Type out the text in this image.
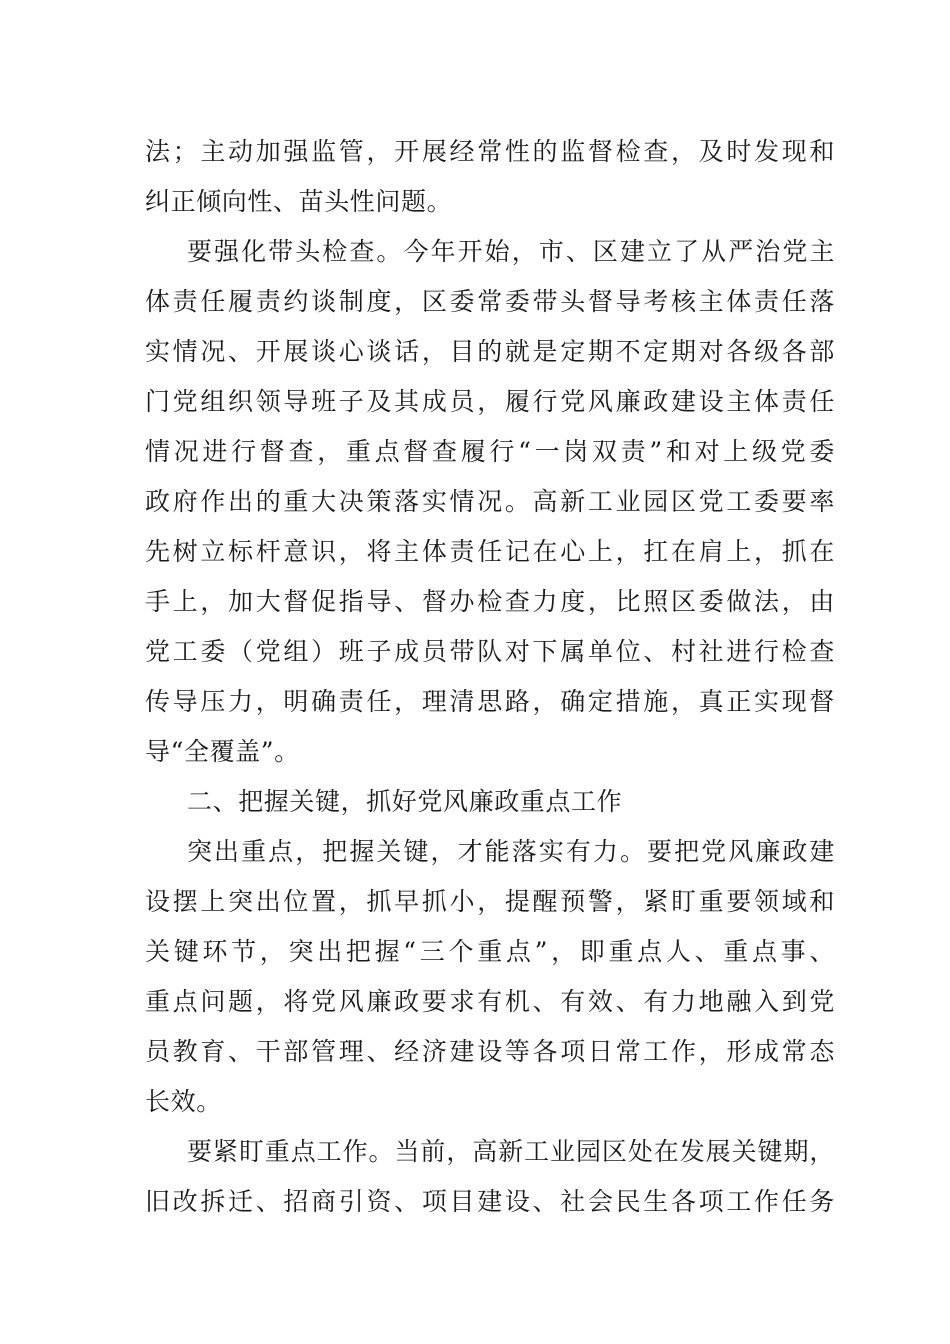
法；主动加强监管，开展经常性的监督检查，及时发现和
纠正倾向性、苗头性问题。
要强化带头检查。今年开始，市、区建立了从严治党主
体责任履责约谈制度，区委常委带头督导考核主体责任落
实情况、开展谈心谈话，目的就是定期不定期对各级各部
门党组织领导班子及其成员，履行党风廉政建设主体责任
情况进行督查，重点督查履行“一岗双责”和对上级党委
政府作出的重大决策落实情况。高新工业园区党工委要率
先树立标杆意识，将主体责任记在心上，扛在肩上，抓在
手上，加大督促指导、督办检查力度，比照区委做法，由
党工委（党组）班子成员带队对下属单位、村社进行检查
传导压力，明确责任，理清思路，确定措施，真正实现督
导“全覆盖”。
二、把握关键，抓好党风廉政重点工作
突出重点，把握关键，才能落实有力。要把党风廉政建
设摆上突出位置，抓早抓小，提醒预警，紧盯重要领域和
关键环节，突出把握“三个重点”，即重点人、重点事、
重点问题，将党风廉政要求有机、有效、有力地融入到党
员教育、干部管理、经济建设等各项日常工作，形成常态
长效。
要紧盯重点工作。当前，高新工业园区处在发展关键期，
旧改拆迁、招商引资、项目建设、社会民生各项工作任务
